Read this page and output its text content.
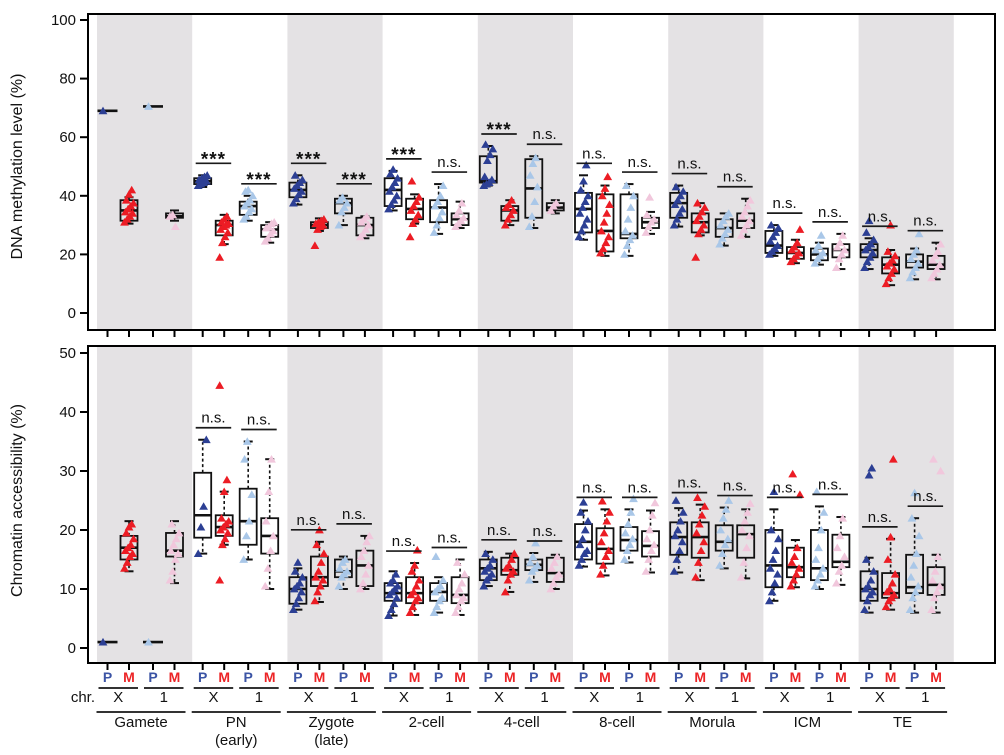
0
20
40
60
80
100
DNA methylation level (%)	***
***
***
***
*** n.s.
*** n.s.
n.s.
n.s. n.s.
n.s.
n.s.
n.s. n.s. n.s.
0
10
20
30
40
50
Chromatin accessibility (%)	n.s. n.s.
n.s. n.s.
n.s. n.s. n.s. n.s.
n.s. n.s. n.s. n.s. n.s. n.s.
n.s.
n.s.
chr.
P M P M
X 1
Gamete
P M P M
X 1
PN
(early)
P M P M
X 1
Zygote
(late)
P M P M
X 1
2-cell
P M P M
X 1
4-cell
P M P M
X 1
8-cell
P M P M
X 1
Morula
P M P M
X 1
ICM
P M P M
X 1
TE
